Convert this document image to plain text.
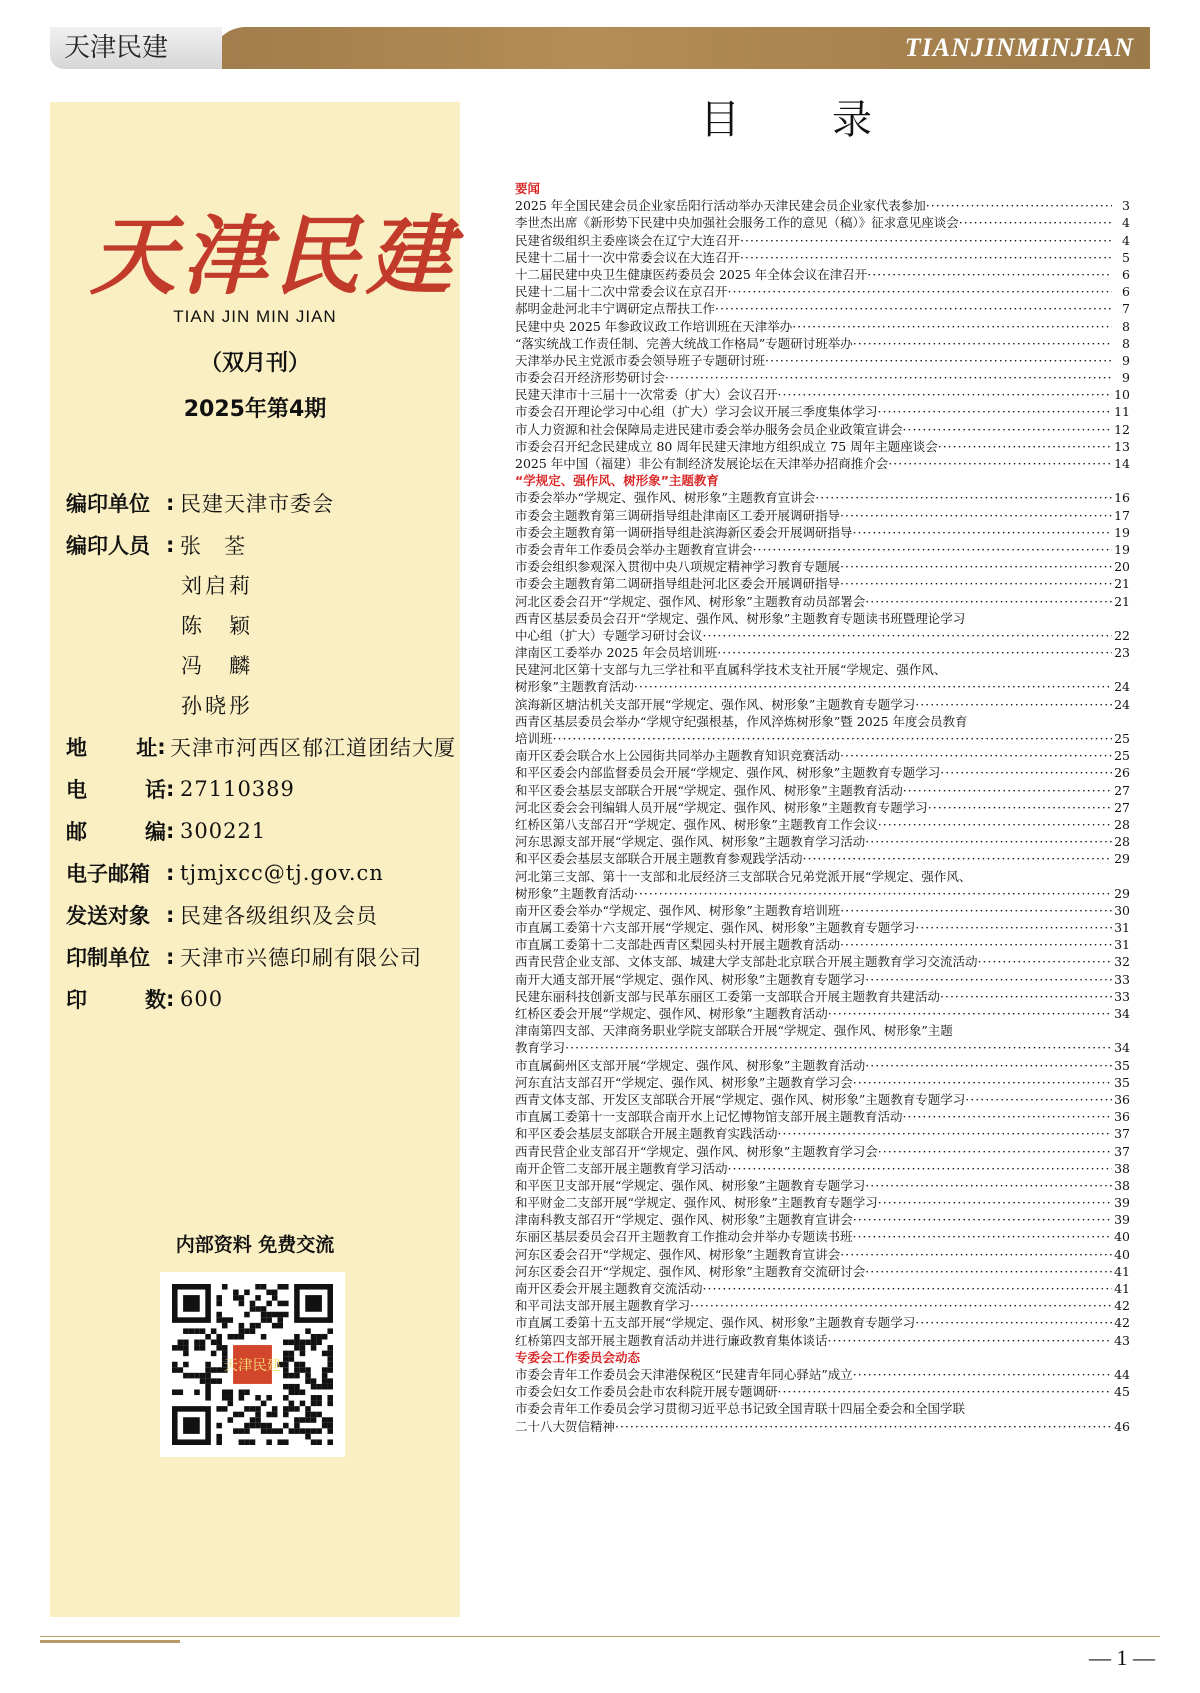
天津民建	TIANJINMINJIAN
天津民建
TIAN JIN MIN JIAN
（双月刊）
2025年第4期
编印单位 : 民建天津市委会
编印人员 : 张　荃
刘启莉
陈　颖
冯　麟
孙晓彤
地 址 : 天津市河西区郁江道团结大厦
电	话 : 27110389
邮	编 : 300221
电子邮箱 : tjmjxcc@tj.gov.cn
发送对象 : 民建各级组织及会员
印制单位 : 天津市兴德印刷有限公司
印	数 : 600
内部资料 免费交流
天津民建
目　录
要闻
2025 年全国民建会员企业家岳阳行活动举办天津民建会员企业家代表参加 ·····	3
李世杰出席《新形势下民建中央加强社会服务工作的意见（稿）》征求意见座谈会 ·····	4
民建省级组织主委座谈会在辽宁大连召开 ·····	4
民建十二届十一次中常委会议在大连召开 ·····	5
十二届民建中央卫生健康医药委员会 2025 年全体会议在津召开 ·····	6
民建十二届十二次中常委会议在京召开 ·····	6
郝明金赴河北丰宁调研定点帮扶工作 ·····	7
民建中央 2025 年参政议政工作培训班在天津举办 ·····	8
“落实统战工作责任制、完善大统战工作格局”专题研讨班举办 ·····	8
天津举办民主党派市委会领导班子专题研讨班 ·····	9
市委会召开经济形势研讨会 ·····	9
民建天津市十三届十一次常委（扩大）会议召开 ·····	10
市委会召开理论学习中心组（扩大）学习会议开展三季度集体学习 ·····	11
市人力资源和社会保障局走进民建市委会举办服务会员企业政策宣讲会 ·····	12
市委会召开纪念民建成立 80 周年民建天津地方组织成立 75 周年主题座谈会 ·····	13
2025 年中国（福建）非公有制经济发展论坛在天津举办招商推介会 ·····	14
“学规定、强作风、树形象”主题教育
市委会举办“学规定、强作风、树形象”主题教育宣讲会 ·····	16
市委会主题教育第三调研指导组赴津南区工委开展调研指导 ·····	17
市委会主题教育第一调研指导组赴滨海新区委会开展调研指导 ·····	19
市委会青年工作委员会举办主题教育宣讲会 ·····	19
市委会组织参观深入贯彻中央八项规定精神学习教育专题展 ·····	20
市委会主题教育第二调研指导组赴河北区委会开展调研指导 ·····	21
河北区委会召开“学规定、强作风、树形象”主题教育动员部署会 ·····	21
西青区基层委员会召开“学规定、强作风、树形象”主题教育专题读书班暨理论学习
中心组（扩大）专题学习研讨会议 ·····	22
津南区工委举办 2025 年会员培训班 ·····	23
民建河北区第十支部与九三学社和平直属科学技术支社开展“学规定、强作风、
树形象”主题教育活动 ·····	24
滨海新区塘沽机关支部开展“学规定、强作风、树形象”主题教育专题学习 ·····	24
西青区基层委员会举办“学规守纪强根基，作风淬炼树形象”暨 2025 年度会员教育
培训班 ·····	25
南开区委会联合水上公园街共同举办主题教育知识竞赛活动 ·····	25
和平区委会内部监督委员会开展“学规定、强作风、树形象”主题教育专题学习 ·····	26
和平区委会基层支部联合开展“学规定、强作风、树形象”主题教育活动 ·····	27
河北区委会会刊编辑人员开展“学规定、强作风、树形象”主题教育专题学习 ·····	27
红桥区第八支部召开“学规定、强作风、树形象”主题教育工作会议 ·····	28
河东思源支部开展“学规定、强作风、树形象”主题教育学习活动 ·····	28
和平区委会基层支部联合开展主题教育参观践学活动 ·····	29
河北第三支部、第十一支部和北辰经济三支部联合兄弟党派开展“学规定、强作风、
树形象”主题教育活动 ·····	29
南开区委会举办“学规定、强作风、树形象”主题教育培训班 ·····	30
市直属工委第十六支部开展“学规定、强作风、树形象”主题教育专题学习 ·····	31
市直属工委第十二支部赴西青区梨园头村开展主题教育活动 ·····	31
西青民营企业支部、文体支部、城建大学支部赴北京联合开展主题教育学习交流活动 ·····	32
南开大通支部开展“学规定、强作风、树形象”主题教育专题学习 ·····	33
民建东丽科技创新支部与民革东丽区工委第一支部联合开展主题教育共建活动 ·····	33
红桥区委会开展“学规定、强作风、树形象”主题教育活动 ·····	34
津南第四支部、天津商务职业学院支部联合开展“学规定、强作风、树形象”主题
教育学习 ·····	34
市直属蓟州区支部开展“学规定、强作风、树形象”主题教育活动 ·····	35
河东直沽支部召开“学规定、强作风、树形象”主题教育学习会 ·····	35
西青文体支部、开发区支部联合开展“学规定、强作风、树形象”主题教育专题学习 ·····	36
市直属工委第十一支部联合南开水上记忆博物馆支部开展主题教育活动 ·····	36
和平区委会基层支部联合开展主题教育实践活动 ·····	37
西青民营企业支部召开“学规定、强作风、树形象”主题教育学习会 ·····	37
南开企管二支部开展主题教育学习活动 ·····	38
和平医卫支部开展“学规定、强作风、树形象”主题教育专题学习 ·····	38
和平财金二支部开展“学规定、强作风、树形象”主题教育专题学习 ·····	39
津南科教支部召开“学规定、强作风、树形象”主题教育宣讲会 ·····	39
东丽区基层委员会召开主题教育工作推动会并举办专题读书班 ·····	40
河东区委会召开“学规定、强作风、树形象”主题教育宣讲会 ·····	40
河东区委会召开“学规定、强作风、树形象”主题教育交流研讨会 ·····	41
南开区委会开展主题教育交流活动 ·····	41
和平司法支部开展主题教育学习 ·····	42
市直属工委第十五支部开展“学规定、强作风、树形象”主题教育专题学习 ·····	42
红桥第四支部开展主题教育活动并进行廉政教育集体谈话 ·····	43
专委会工作委员会动态
市委会青年工作委员会天津港保税区“民建青年同心驿站”成立 ·····	44
市委会妇女工作委员会赴市农科院开展专题调研 ·····	45
市委会青年工作委员会学习贯彻习近平总书记致全国青联十四届全委会和全国学联
二十八大贺信精神 ·····	46
— 1 —
